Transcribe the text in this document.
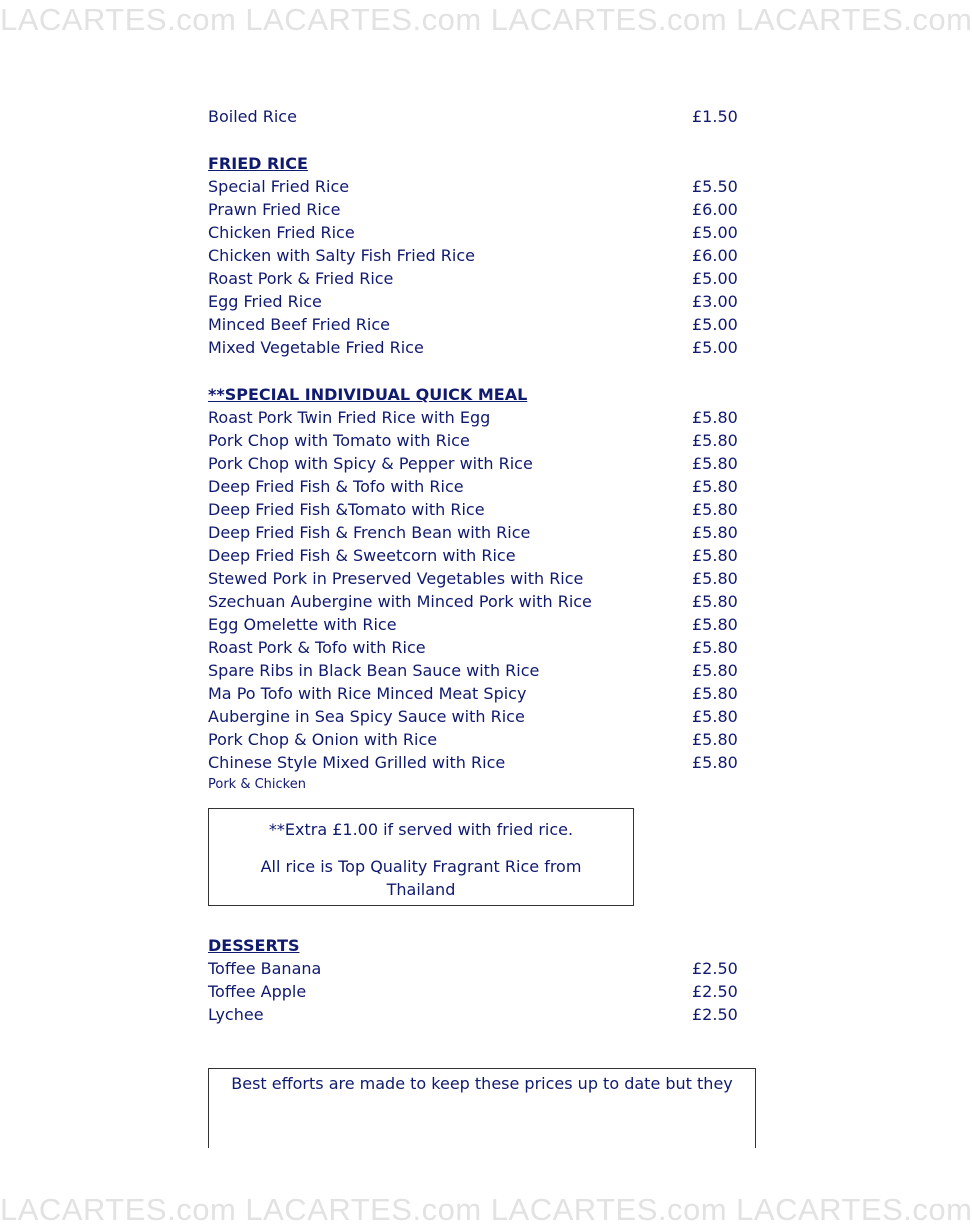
LACARTES.com LACARTES.com LACARTES.com LACARTES.com
Boiled Rice	£1.50
FRIED RICE
Special Fried Rice	£5.50
Prawn Fried Rice	£6.00
Chicken Fried Rice	£5.00
Chicken with Salty Fish Fried Rice	£6.00
Roast Pork & Fried Rice	£5.00
Egg Fried Rice	£3.00
Minced Beef Fried Rice	£5.00
Mixed Vegetable Fried Rice	£5.00
**SPECIAL INDIVIDUAL QUICK MEAL
Roast Pork Twin Fried Rice with Egg	£5.80
Pork Chop with Tomato with Rice	£5.80
Pork Chop with Spicy & Pepper with Rice	£5.80
Deep Fried Fish & Tofo with Rice	£5.80
Deep Fried Fish &Tomato with Rice	£5.80
Deep Fried Fish & French Bean with Rice	£5.80
Deep Fried Fish & Sweetcorn with Rice	£5.80
Stewed Pork in Preserved Vegetables with Rice	£5.80
Szechuan Aubergine with Minced Pork with Rice	£5.80
Egg Omelette with Rice	£5.80
Roast Pork & Tofo with Rice	£5.80
Spare Ribs in Black Bean Sauce with Rice	£5.80
Ma Po Tofo with Rice Minced Meat Spicy	£5.80
Aubergine in Sea Spicy Sauce with Rice	£5.80
Pork Chop & Onion with Rice	£5.80
Chinese Style Mixed Grilled with Rice	£5.80
Pork & Chicken
**Extra £1.00 if served with fried rice.
All rice is Top Quality Fragrant Rice from Thailand
DESSERTS
Toffee Banana	£2.50
Toffee Apple	£2.50
Lychee	£2.50
Best efforts are made to keep these prices up to date but they
LACARTES.com LACARTES.com LACARTES.com LACARTES.com
